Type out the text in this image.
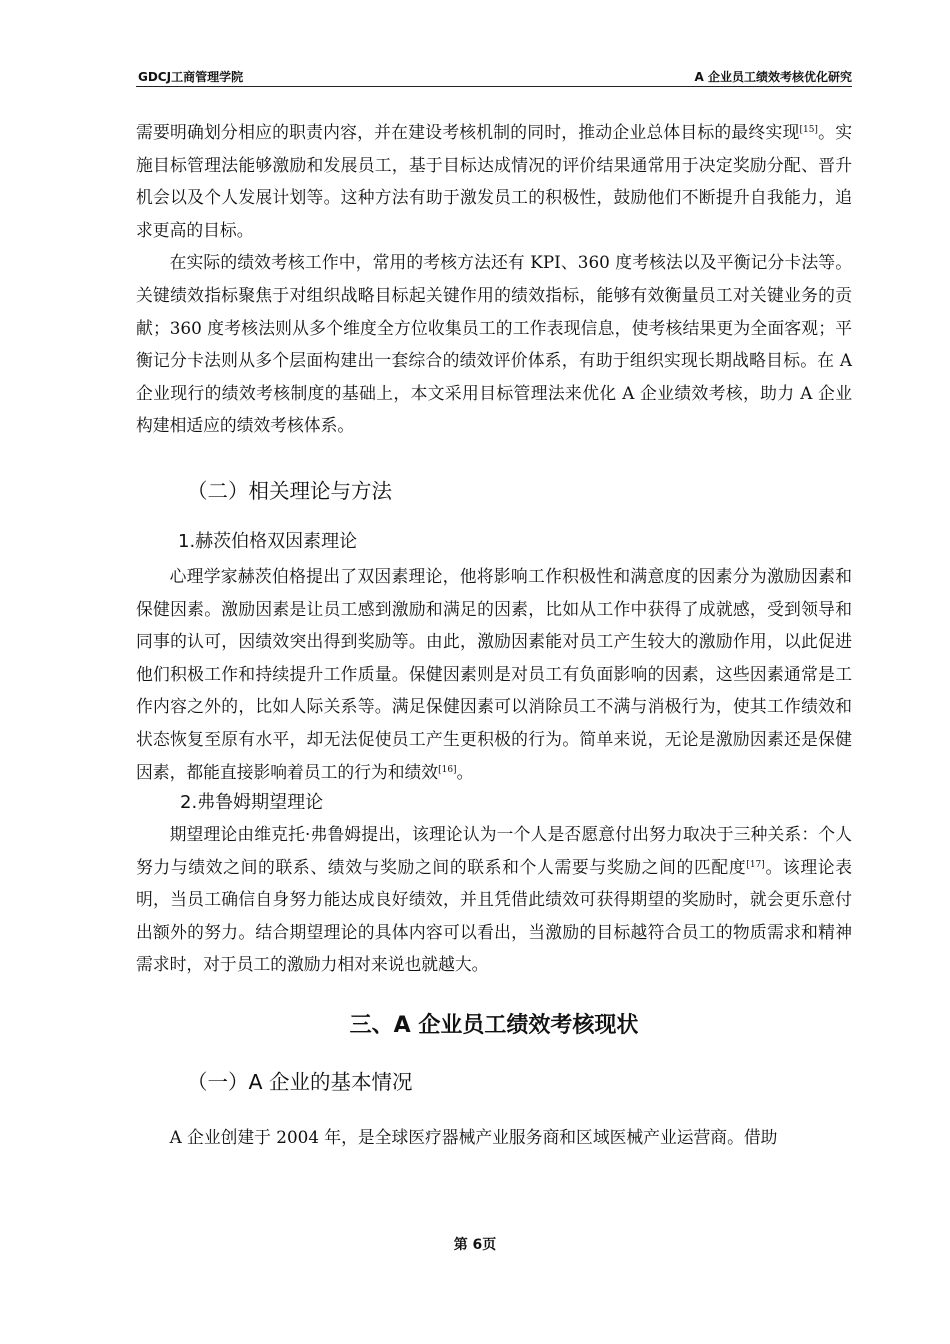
GDCJ工商管理学院	A 企业员工绩效考核优化研究

需要明确划分相应的职责内容，并在建设考核机制的同时，推动企业总体目标的最终实现[15]。实施目标管理法能够激励和发展员工，基于目标达成情况的评价结果通常用于决定奖励分配、晋升机会以及个人发展计划等。这种方法有助于激发员工的积极性，鼓励他们不断提升自我能力，追求更高的目标。

在实际的绩效考核工作中，常用的考核方法还有 KPI、360 度考核法以及平衡记分卡法等。关键绩效指标聚焦于对组织战略目标起关键作用的绩效指标，能够有效衡量员工对关键业务的贡献；360 度考核法则从多个维度全方位收集员工的工作表现信息，使考核结果更为全面客观；平衡记分卡法则从多个层面构建出一套综合的绩效评价体系，有助于组织实现长期战略目标。在 A 企业现行的绩效考核制度的基础上，本文采用目标管理法来优化 A 企业绩效考核，助力 A 企业构建相适应的绩效考核体系。

（二）相关理论与方法
1.赫茨伯格双因素理论

心理学家赫茨伯格提出了双因素理论，他将影响工作积极性和满意度的因素分为激励因素和保健因素。激励因素是让员工感到激励和满足的因素，比如从工作中获得了成就感，受到领导和同事的认可，因绩效突出得到奖励等。由此，激励因素能对员工产生较大的激励作用，以此促进他们积极工作和持续提升工作质量。保健因素则是对员工有负面影响的因素，这些因素通常是工作内容之外的，比如人际关系等。满足保健因素可以消除员工不满与消极行为，使其工作绩效和状态恢复至原有水平，却无法促使员工产生更积极的行为。简单来说，无论是激励因素还是保健因素，都能直接影响着员工的行为和绩效[16]。

2.弗鲁姆期望理论

期望理论由维克托·弗鲁姆提出，该理论认为一个人是否愿意付出努力取决于三种关系：个人努力与绩效之间的联系、绩效与奖励之间的联系和个人需要与奖励之间的匹配度[17]。该理论表明，当员工确信自身努力能达成良好绩效，并且凭借此绩效可获得期望的奖励时，就会更乐意付出额外的努力。结合期望理论的具体内容可以看出，当激励的目标越符合员工的物质需求和精神需求时，对于员工的激励力相对来说也就越大。

三、A 企业员工绩效考核现状
（一）A 企业的基本情况

A 企业创建于 2004 年，是全球医疗器械产业服务商和区域医械产业运营商。借助

第 6页
